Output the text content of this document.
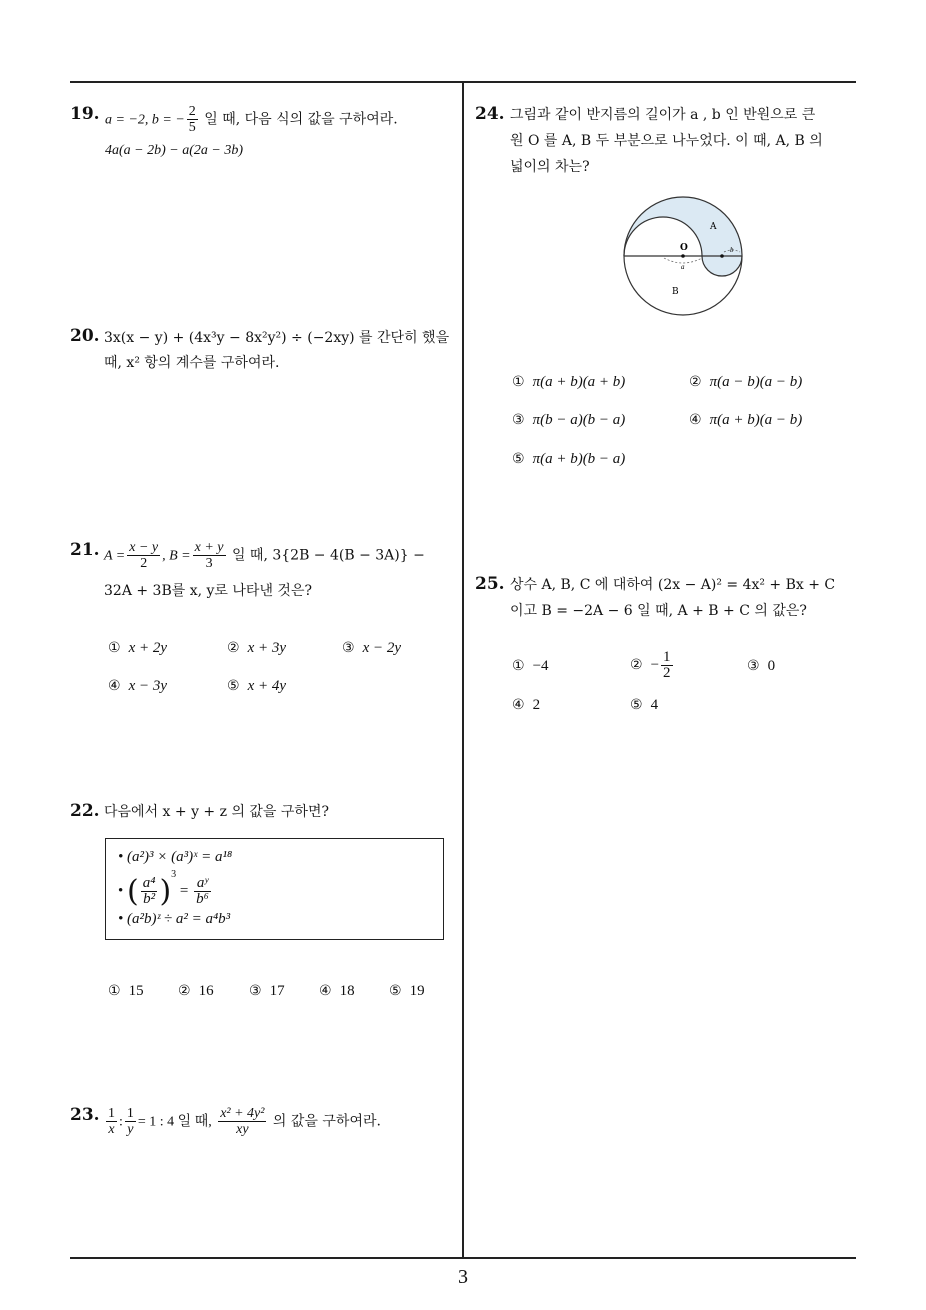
19. a = −2, b = − $\frac{2}{5}$ 일 때, 다음 식의 값을 구하여라.
4a(a − 2b) − a(2a − 3b)
20. 3x(x − y) + (4x³y − 8x²y²) ÷ (−2xy) 를 간단히 했을
때, x² 항의 계수를 구하여라.
21. $A = \frac{x - y}{2}$ , $B = \frac{x + y}{3}$ 일 때, 3{2B − 4(B − 3A)} −
32A + 3B를 x, y로 나타낸 것은?
① x + 2y	② x + 3y	③ x − 2y
④ x − 3y	⑤ x + 4y
22. 다음에서 x + y + z 의 값을 구하면?
• (a²)³ × (a³)ˣ = a¹⁸
• ( $\frac{\text{a⁴}}{\text{b²}} )^3 = \frac{\text{aʸ}}{\text{b⁶}}$
• (a²b)ᶻ ÷ a² = a⁴b³
① 15 ② 16	③ 17 ④ 18 ⑤ 19
23. $\frac{1}{x}$ : $\frac{1}{y} = 1$ : 4 일 때, $\frac{\text{x² + 4y²}}{xy}$ 의 값을 구하여라.
24. 그림과 같이 반지름의 길이가 a , b 인 반원으로 큰
원 O 를 A, B 두 부분으로 나누었다. 이 때, A, B 의
넓이의 차는?
O
A
B
a
b
① π(a + b)(a + b)	② π(a − b)(a − b)
③ π(b − a)(b − a)	④ π(a + b)(a − b)
⑤ π(a + b)(b − a)
25. 상수 A, B, C 에 대하여 (2x − A)² = 4x² + Bx + C
이고 B = −2A − 6 일 때, A + B + C 의 값은?
① −4	② − $\frac{1}{2}$	③ 0
④ 2	⑤ 4
3
